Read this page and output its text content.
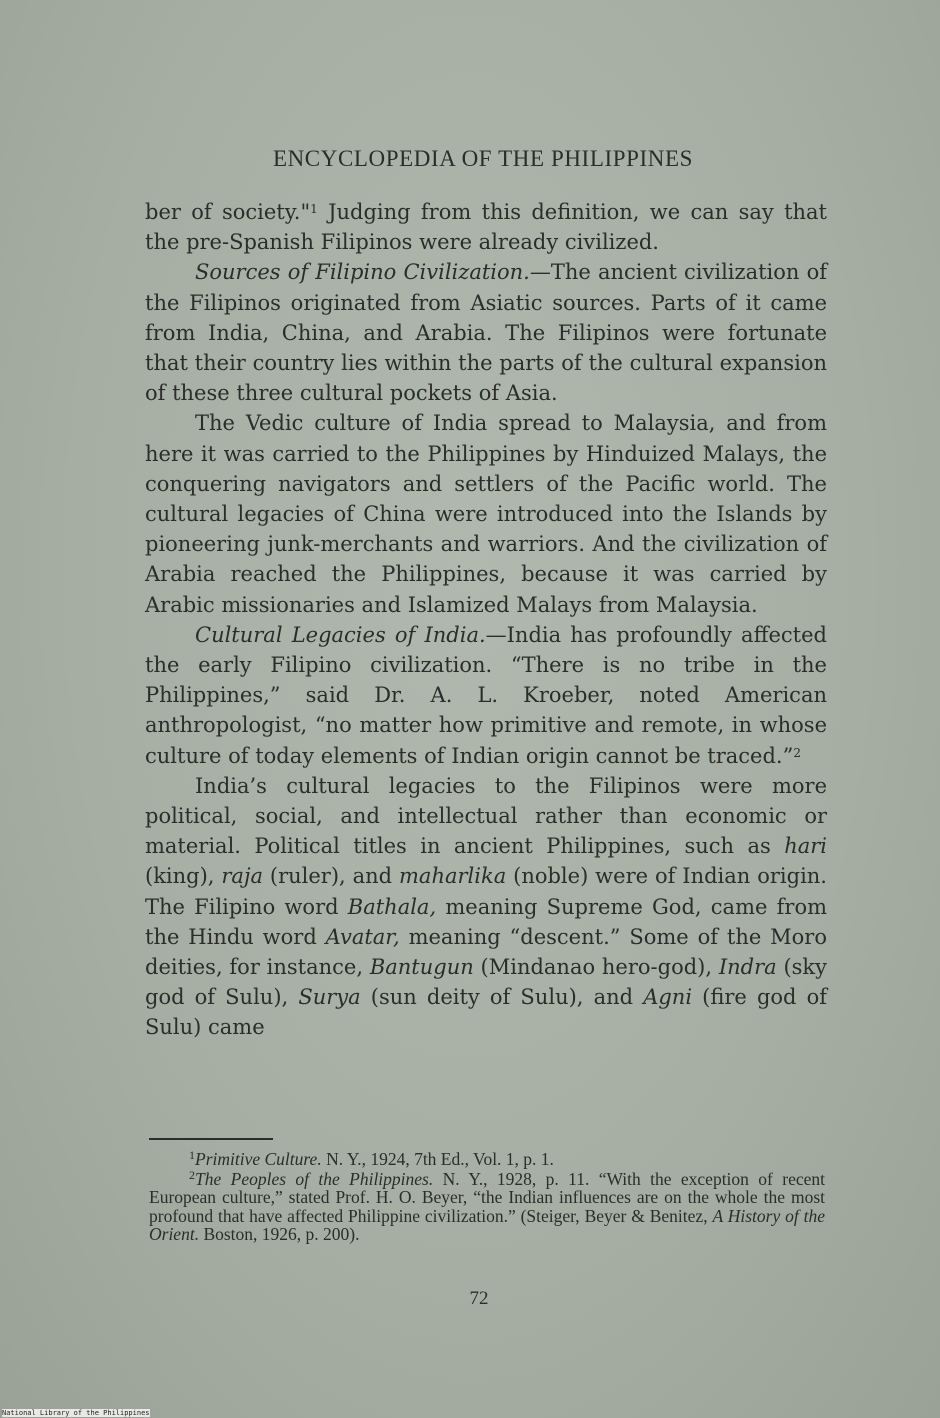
ENCYCLOPEDIA OF THE PHILIPPINES

ber of society."$^1$ Judging from this definition, we can say that the pre-Spanish Filipinos were already civilized.

Sources of Filipino Civilization.—The ancient civilization of the Filipinos originated from Asiatic sources. Parts of it came from India, China, and Arabia. The Filipinos were fortunate that their country lies within the parts of the cultural expansion of these three cultural pockets of Asia.

The Vedic culture of India spread to Malaysia, and from here it was carried to the Philippines by Hinduized Malays, the conquering navigators and settlers of the Pacific world. The cultural legacies of China were introduced into the Islands by pioneering junk-merchants and warriors. And the civilization of Arabia reached the Philippines, because it was carried by Arabic missionaries and Islamized Malays from Malaysia.

Cultural Legacies of India.—India has profoundly affected the early Filipino civilization. “There is no tribe in the Philippines,” said Dr. A. L. Kroeber, noted American anthropologist, “no matter how primitive and remote, in whose culture of today elements of Indian origin cannot be traced.”$^2$

India’s cultural legacies to the Filipinos were more political, social, and intellectual rather than economic or material. Political titles in ancient Philippines, such as hari (king), raja (ruler), and maharlika (noble) were of Indian origin. The Filipino word Bathala, meaning Supreme God, came from the Hindu word Avatar, meaning “descent.” Some of the Moro deities, for instance, Bantugun (Mindanao hero-god), Indra (sky god of Sulu), Surya (sun deity of Sulu), and Agni (fire god of Sulu) came

$^1$Primitive Culture. N. Y., 1924, 7th Ed., Vol. 1, p. 1.

$^2$The Peoples of the Philippines. N. Y., 1928, p. 11. “With the exception of recent European culture,” stated Prof. H. O. Beyer, “the Indian influences are on the whole the most profound that have affected Philippine civilization.” (Steiger, Beyer & Benitez, A History of the Orient. Boston, 1926, p. 200).

72
National Library of the Philippines
